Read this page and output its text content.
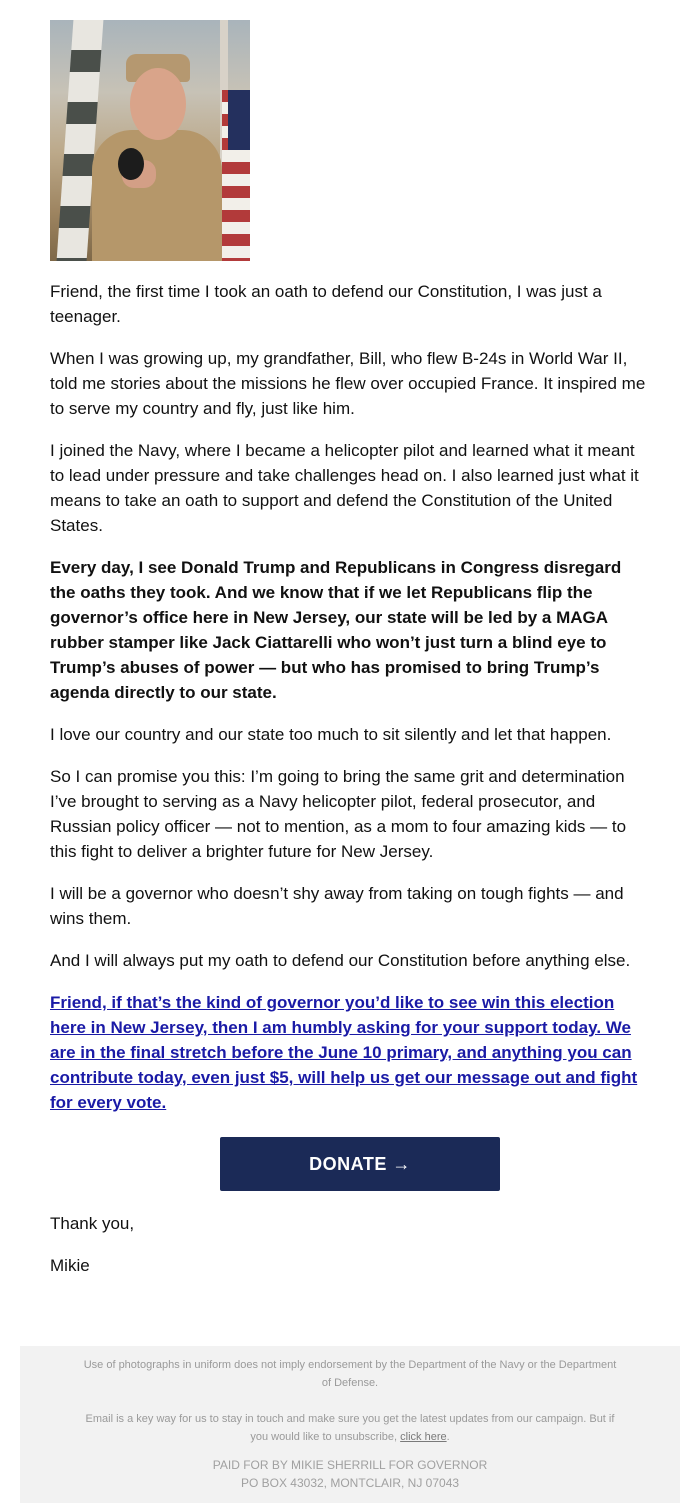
Friend, the first time I took an oath to defend our Constitution, I was just a teenager.

When I was growing up, my grandfather, Bill, who flew B-24s in World War II, told me stories about the missions he flew over occupied France. It inspired me to serve my country and fly, just like him.

I joined the Navy, where I became a helicopter pilot and learned what it meant to lead under pressure and take challenges head on. I also learned just what it means to take an oath to support and defend the Constitution of the United States.

Every day, I see Donald Trump and Republicans in Congress disregard the oaths they took. And we know that if we let Republicans flip the governor’s office here in New Jersey, our state will be led by a MAGA rubber stamper like Jack Ciattarelli who won’t just turn a blind eye to Trump’s abuses of power — but who has promised to bring Trump’s agenda directly to our state.

I love our country and our state too much to sit silently and let that happen.

So I can promise you this: I’m going to bring the same grit and determination I’ve brought to serving as a Navy helicopter pilot, federal prosecutor, and Russian policy officer — not to mention, as a mom to four amazing kids — to this fight to deliver a brighter future for New Jersey.

I will be a governor who doesn’t shy away from taking on tough fights — and wins them.

And I will always put my oath to defend our Constitution before anything else.

Friend, if that’s the kind of governor you’d like to see win this election here in New Jersey, then I am humbly asking for your support today. We are in the final stretch before the June 10 primary, and anything you can contribute today, even just $5, will help us get our message out and fight for every vote.

DONATE →

Thank you,

Mikie

Use of photographs in uniform does not imply endorsement by the Department of the Navy or the Department of Defense.
Email is a key way for us to stay in touch and make sure you get the latest updates from our campaign. But if you would like to unsubscribe, click here.
PAID FOR BY MIKIE SHERRILL FOR GOVERNOR
PO BOX 43032, MONTCLAIR, NJ 07043
